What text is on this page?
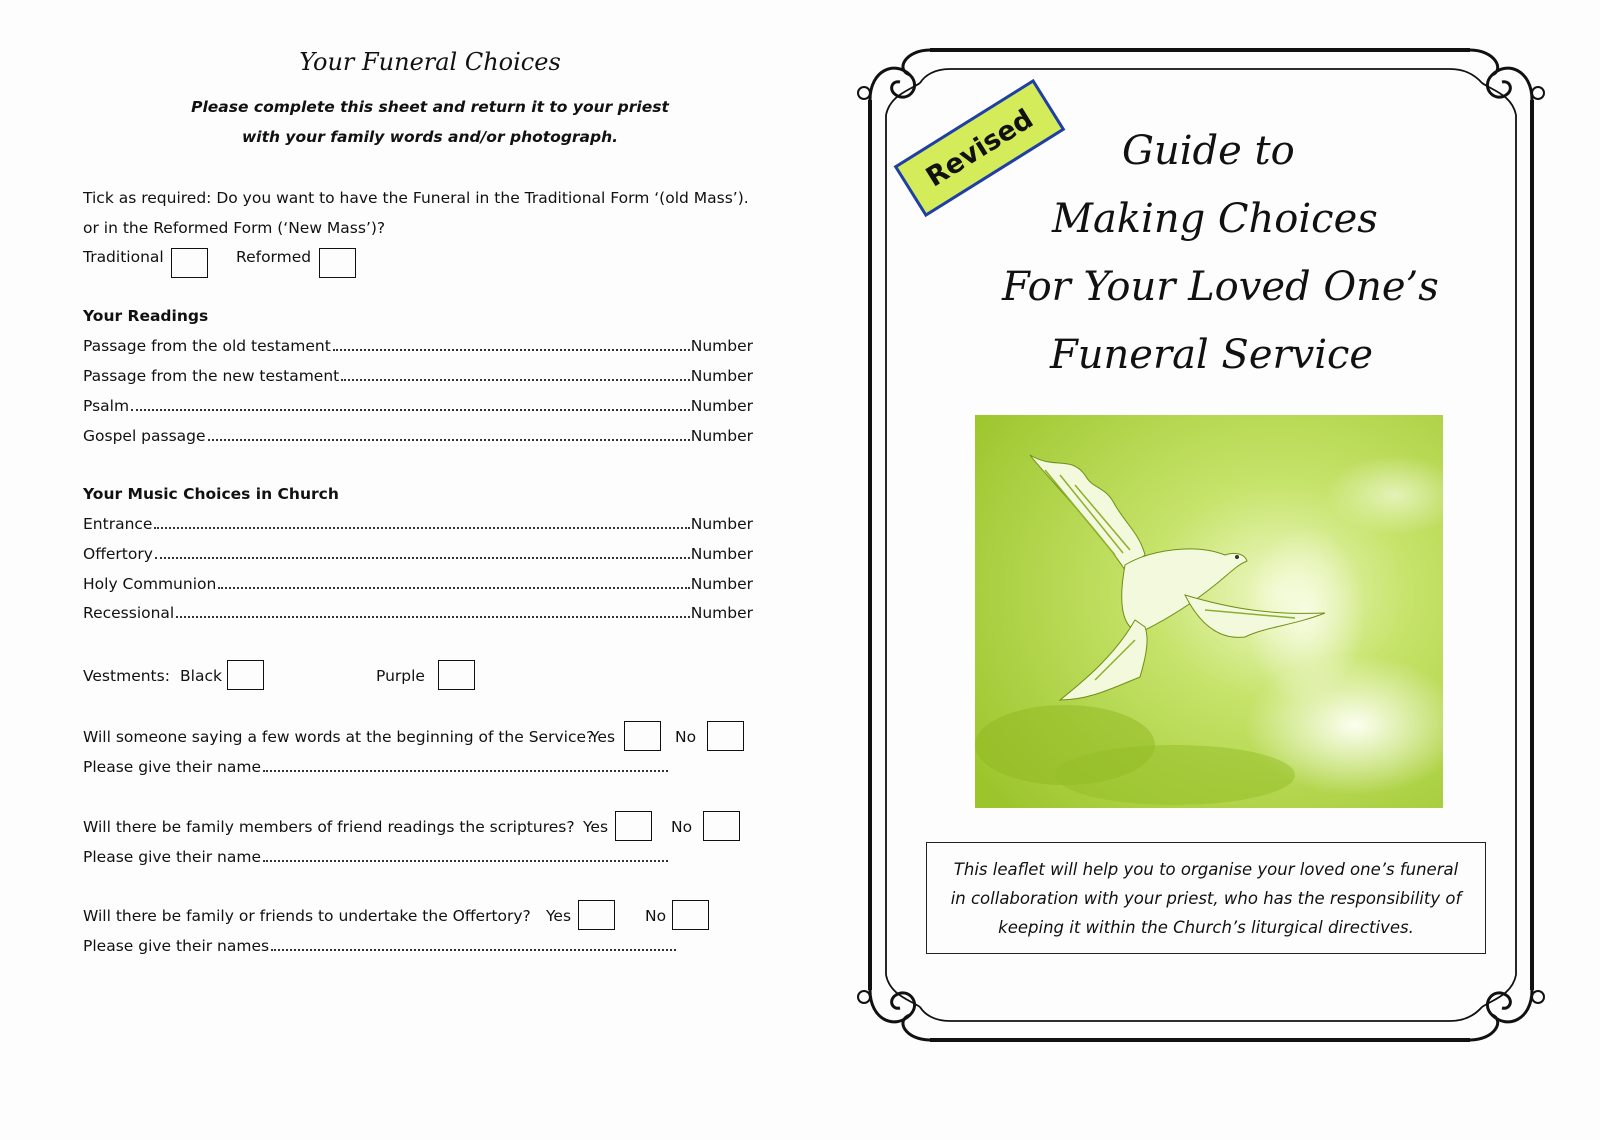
Your Funeral Choices
Please complete this sheet and return it to your priest
with your family words and/or photograph.
Tick as required: Do you want to have the Funeral in the Traditional Form ‘(old Mass’).
or in the Reformed Form (‘New Mass’)?
Traditional	Reformed
Your Readings
Passage from the old testament	Number
Passage from the new testament	Number
Psalm	Number
Gospel passage	Number
Your Music Choices in Church
Entrance	Number
Offertory	Number
Holy Communion	Number
Recessional	Number
Vestments: Black	Purple
Will someone saying a few words at the beginning of the Service?
Yes	No
Please give their name
Will there be family members of friend readings the scriptures? Yes	No
Please give their name
Will there be family or friends to undertake the Offertory? Yes	No
Please give their names
Revised	Guide to
Making Choices
For Your Loved One’s
Funeral Service
This leaflet will help you to organise your loved one’s funeral
in collaboration with your priest, who has the responsibility of
keeping it within the Church’s liturgical directives.
